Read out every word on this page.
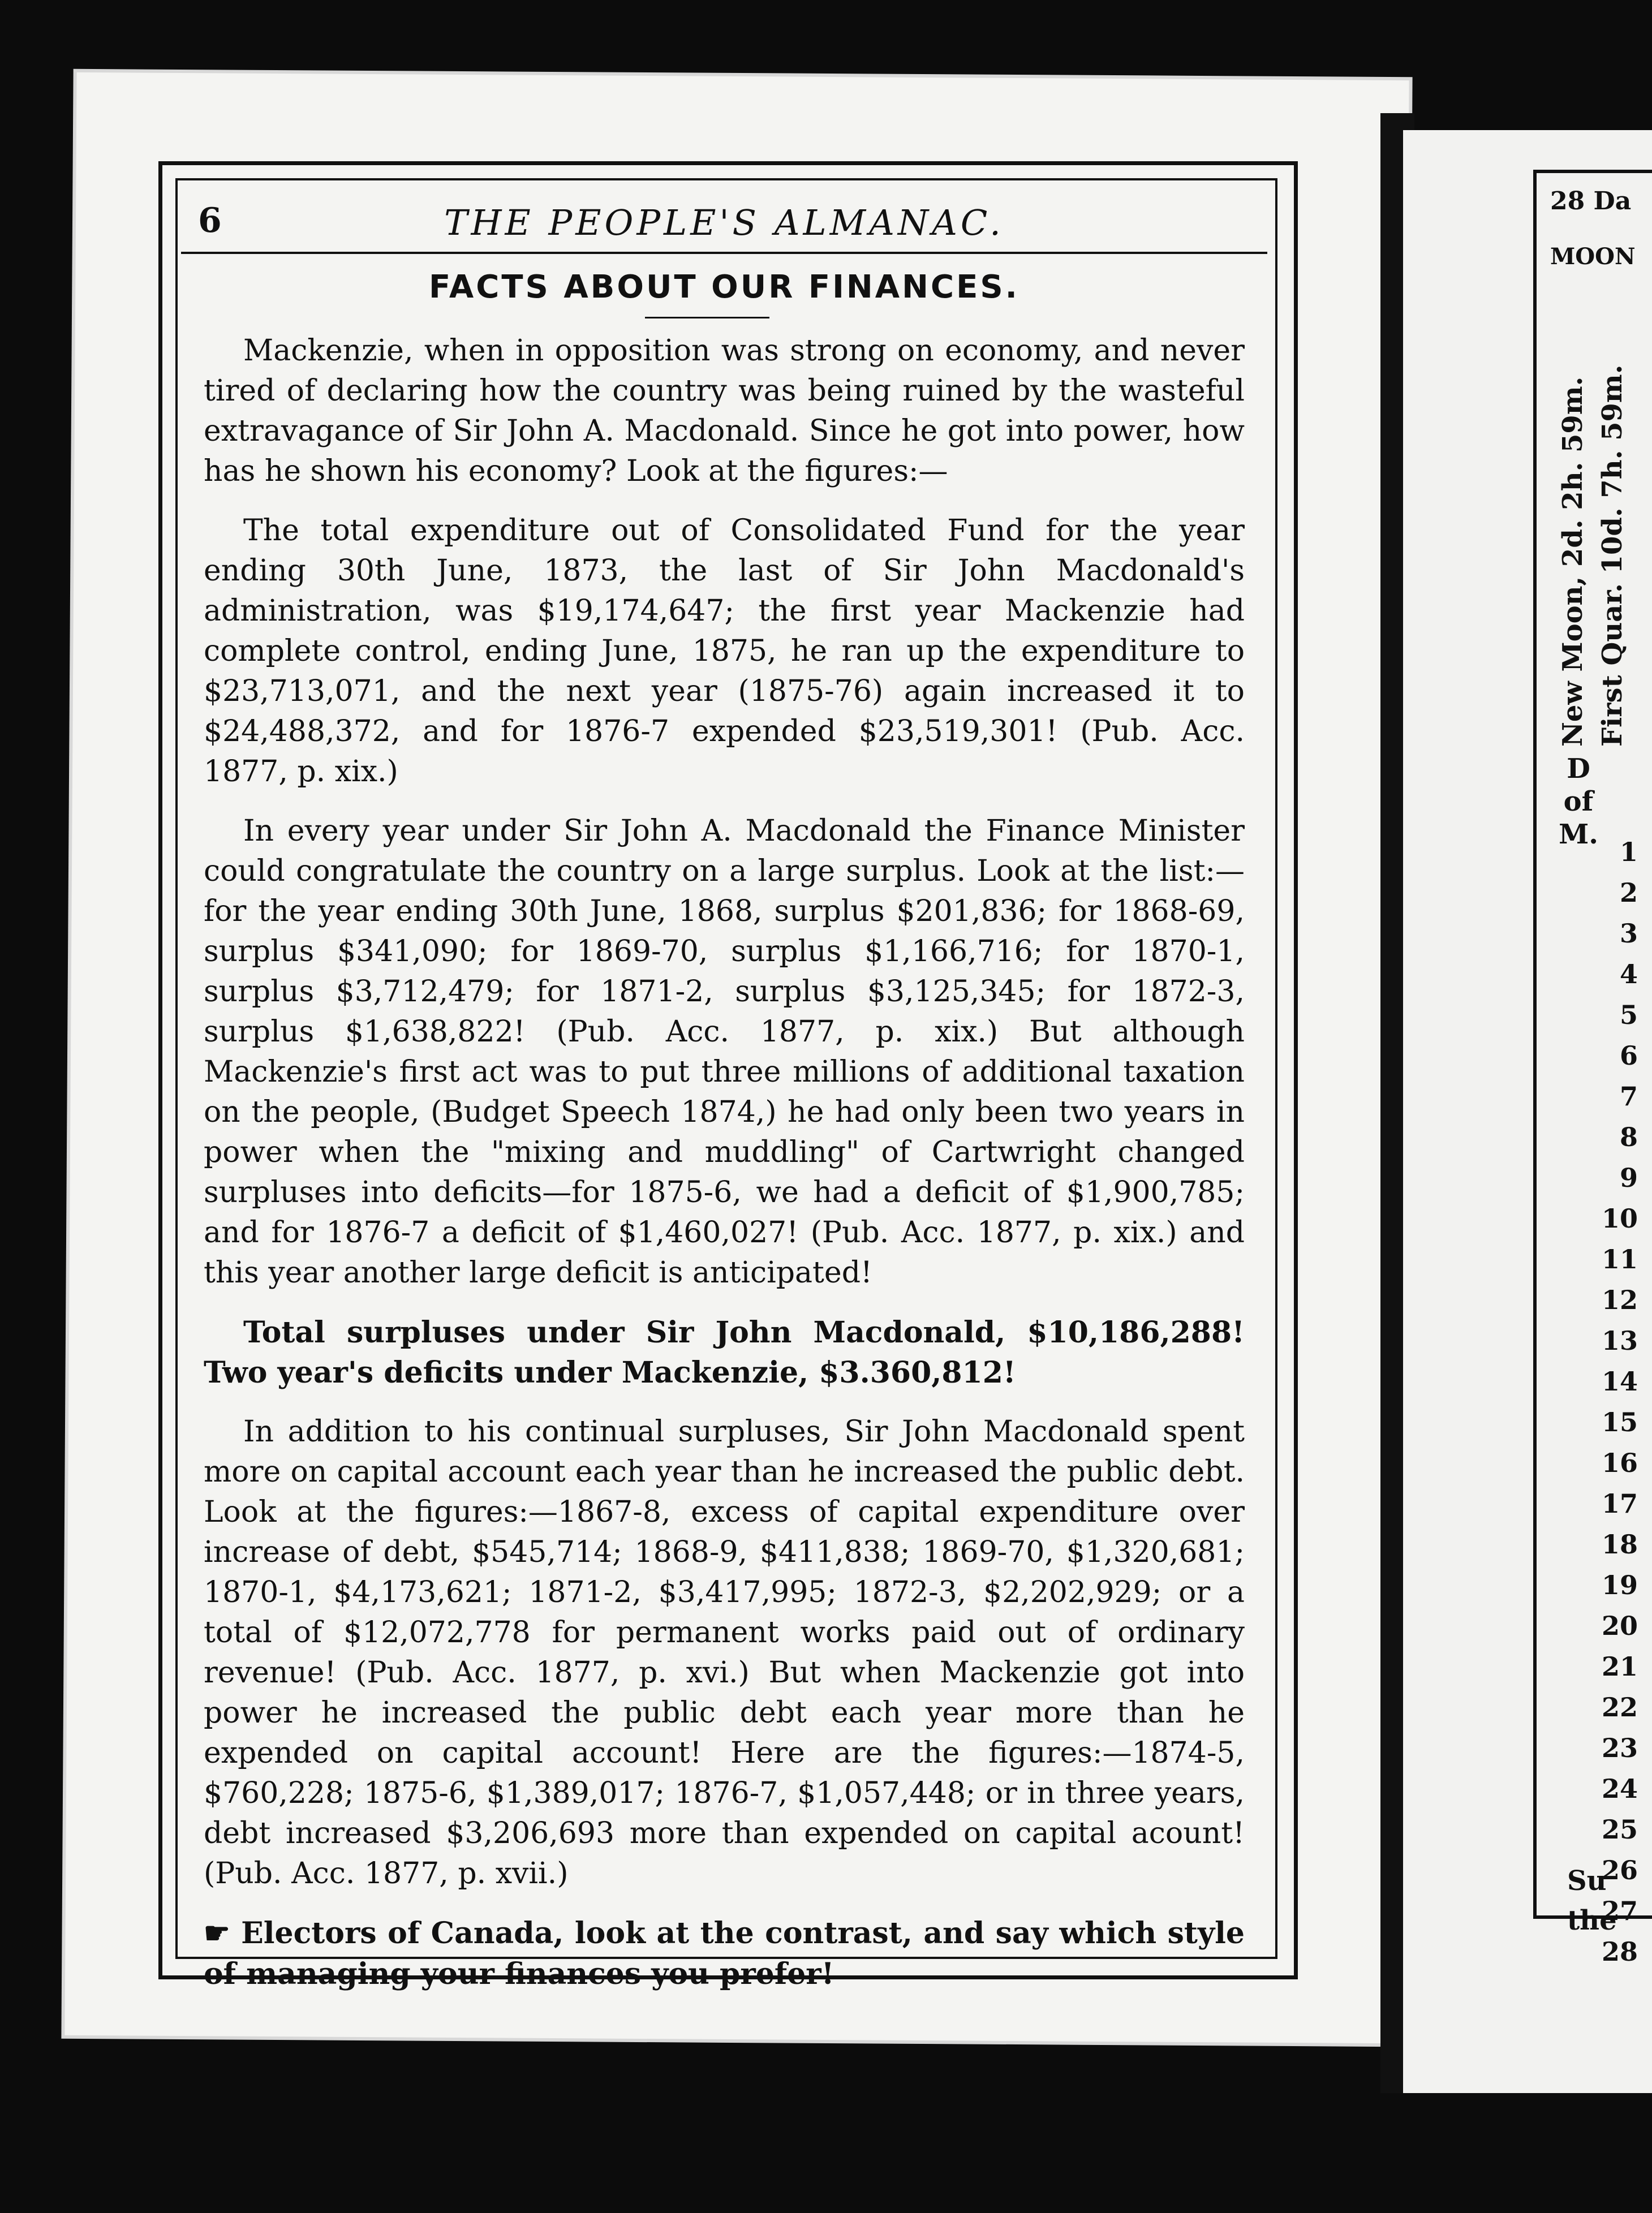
6	THE PEOPLE'S ALMANAC.
FACTS ABOUT OUR FINANCES.

Mackenzie, when in opposition was strong on economy, and never tired of declaring how the country was being ruined by the wasteful extravagance of Sir John A. Macdonald. Since he got into power, how has he shown his economy? Look at the figures:—

The total expenditure out of Consolidated Fund for the year ending 30th June, 1873, the last of Sir John Macdonald's administration, was $19,174,647; the first year Mackenzie had complete control, ending June, 1875, he ran up the expenditure to $23,713,071, and the next year (1875-76) again increased it to $24,488,372, and for 1876-7 expended $23,519,301! (Pub. Acc. 1877, p. xix.)

In every year under Sir John A. Macdonald the Finance Minister could congratulate the country on a large surplus. Look at the list:—for the year ending 30th June, 1868, surplus $201,836; for 1868-69, surplus $341,090; for 1869-70, surplus $1,166,716; for 1870-1, surplus $3,712,479; for 1871-2, surplus $3,125,345; for 1872-3, surplus $1,638,822! (Pub. Acc. 1877, p. xix.) But although Mackenzie's first act was to put three millions of additional taxation on the people, (Budget Speech 1874,) he had only been two years in power when the "mixing and muddling" of Cartwright changed surpluses into deficits—for 1875-6, we had a deficit of $1,900,785; and for 1876-7 a deficit of $1,460,027! (Pub. Acc. 1877, p. xix.) and this year another large deficit is anticipated!

Total surpluses under Sir John Macdonald, $10,186,288! Two year's deficits under Mackenzie, $3.360,812!

In addition to his continual surpluses, Sir John Macdonald spent more on capital account each year than he increased the public debt. Look at the figures:—1867-8, excess of capital expenditure over increase of debt, $545,714; 1868-9, $411,838; 1869-70, $1,320,681; 1870-1, $4,173,621; 1871-2, $3,417,995; 1872-3, $2,202,929; or a total of $12,072,778 for permanent works paid out of ordinary revenue! (Pub. Acc. 1877, p. xvi.) But when Mackenzie got into power he increased the public debt each year more than he expended on capital account! Here are the figures:—1874-5, $760,228; 1875-6, $1,389,017; 1876-7, $1,057,448; or in three years, debt increased $3,206,693 more than expended on capital acount! (Pub. Acc. 1877, p. xvii.)

☛ Electors of Canada, look at the contrast, and say which style of managing your finances you prefer!

28 Da
MOON
New Moon, 2d. 2h. 59m. First Quar. 10d. 7h. 59m.
D of M.
1
2
3
4
5
6
7
8
9
10
11
12
13
14
15
16
17
18
19
20
21
22
23
24
25
26
27
28
Su the
